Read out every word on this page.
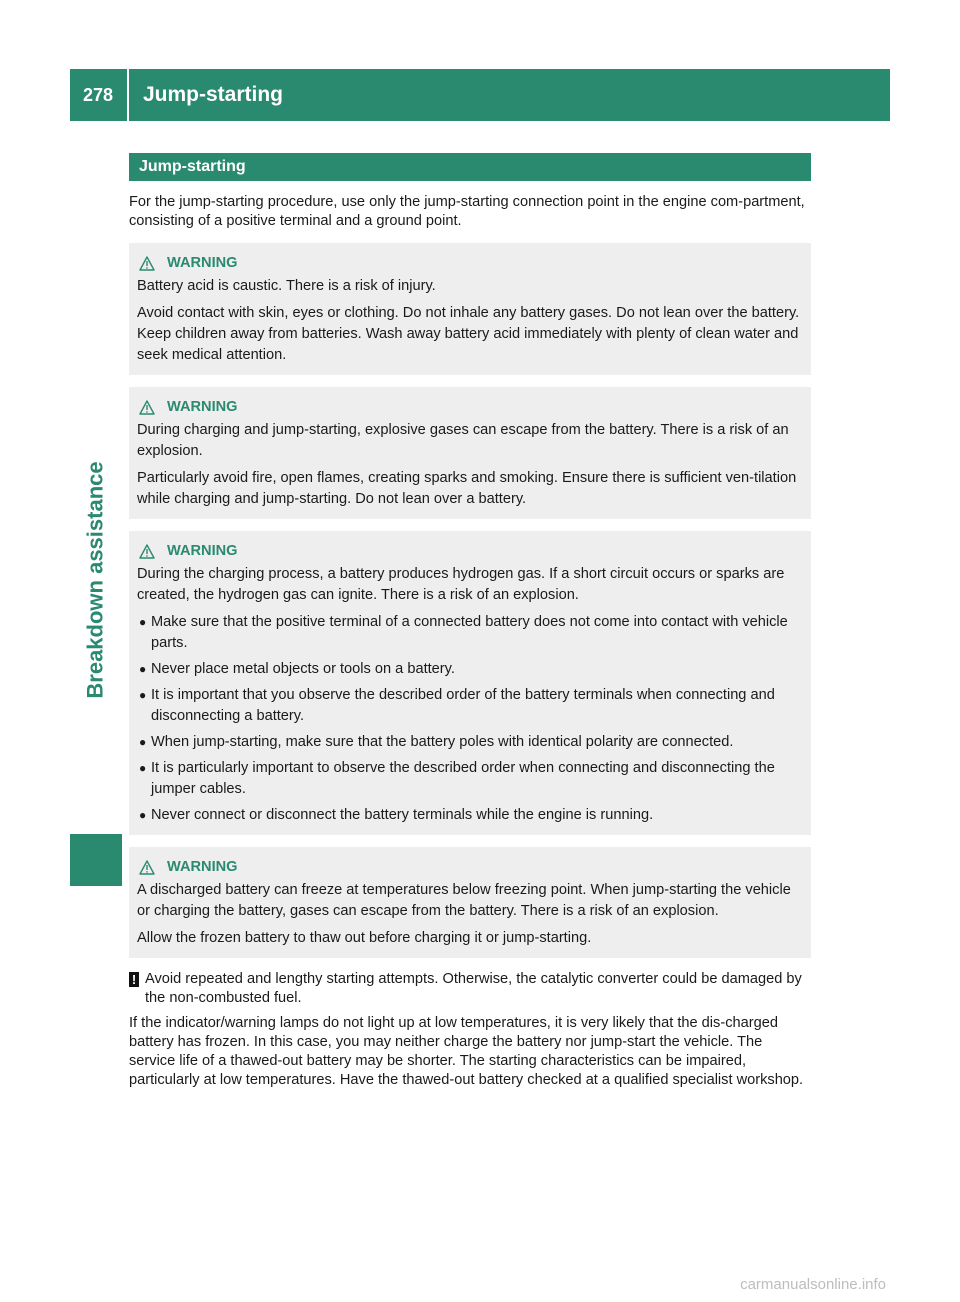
278	Jump-starting
Breakdown assistance
Jump-starting

For the jump-starting procedure, use only the jump-starting connection point in the engine com-partment, consisting of a positive terminal and a ground point.

WARNING

Battery acid is caustic. There is a risk of injury.

Avoid contact with skin, eyes or clothing. Do not inhale any battery gases. Do not lean over the battery. Keep children away from batteries. Wash away battery acid immediately with plenty of clean water and seek medical attention.

WARNING

During charging and jump-starting, explosive gases can escape from the battery. There is a risk of an explosion.

Particularly avoid fire, open flames, creating sparks and smoking. Ensure there is sufficient ven-tilation while charging and jump-starting. Do not lean over a battery.

WARNING

During the charging process, a battery produces hydrogen gas. If a short circuit occurs or sparks are created, the hydrogen gas can ignite. There is a risk of an explosion.

● Make sure that the positive terminal of a connected battery does not come into contact with vehicle parts.
● Never place metal objects or tools on a battery.
● It is important that you observe the described order of the battery terminals when connecting and disconnecting a battery.
● When jump-starting, make sure that the battery poles with identical polarity are connected.
● It is particularly important to observe the described order when connecting and disconnecting the jumper cables.
● Never connect or disconnect the battery terminals while the engine is running.
WARNING

A discharged battery can freeze at temperatures below freezing point. When jump-starting the vehicle or charging the battery, gases can escape from the battery. There is a risk of an explosion.

Allow the frozen battery to thaw out before charging it or jump-starting.

! Avoid repeated and lengthy starting attempts. Otherwise, the catalytic converter could be damaged by the non-combusted fuel.

If the indicator/warning lamps do not light up at low temperatures, it is very likely that the dis-charged battery has frozen. In this case, you may neither charge the battery nor jump-start the vehicle. The service life of a thawed-out battery may be shorter. The starting characteristics can be impaired, particularly at low temperatures. Have the thawed-out battery checked at a qualified specialist workshop.

carmanualsonline.info
